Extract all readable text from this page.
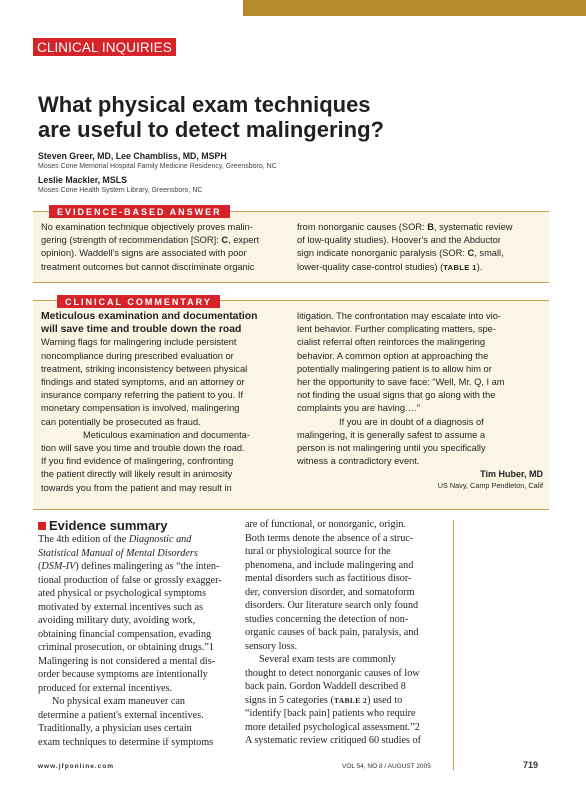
CLINICAL INQUIRIES
What physical exam techniques
are useful to detect malingering?
Steven Greer, MD, Lee Chambliss, MD, MSPH
Moses Cone Memorial Hospital Family Medicine Residency, Greensboro, NC
Leslie Mackler, MSLS
Moses Cone Health System Library, Greensboro, NC
EVIDENCE-BASED ANSWER

No examination technique objectively proves malin-

gering (strength of recommendation [SOR]: C, expert

opinion). Waddell's signs are associated with poor

treatment outcomes but cannot discriminate organic

from nonorganic causes (SOR: B, systematic review

of low-quality studies). Hoover's and the Abductor

sign indicate nonorganic paralysis (SOR: C, small,

lower-quality case-control studies) (TABLE 1).

CLINICAL COMMENTARY

Meticulous examination and documentation

will save time and trouble down the road

Warning flags for malingering include persistent

noncompliance during prescribed evaluation or

treatment, striking inconsistency between physical

findings and stated symptoms, and an attorney or

insurance company referring the patient to you. If

monetary compensation is involved, malingering

can potentially be prosecuted as fraud.

Meticulous examination and documenta-

tion will save you time and trouble down the road.

If you find evidence of malingering, confronting

the patient directly will likely result in animosity

towards you from the patient and may result in

litigation. The confrontation may escalate into vio-

lent behavior. Further complicating matters, spe-

cialist referral often reinforces the malingering

behavior. A common option at approaching the

potentially malingering patient is to allow him or

her the opportunity to save face: “Well, Mr. Q, I am

not finding the usual signs that go along with the

complaints you are having.…”

If you are in doubt of a diagnosis of

malingering, it is generally safest to assume a

person is not malingering until you specifically

witness a contradictory event.

Tim Huber, MD
US Navy, Camp Pendleton, Calif
Evidence summary

The 4th edition of the Diagnostic and

Statistical Manual of Mental Disorders

(DSM-IV) defines malingering as “the inten-

tional production of false or grossly exagger-

ated physical or psychological symptoms

motivated by external incentives such as

avoiding military duty, avoiding work,

obtaining financial compensation, evading

criminal prosecution, or obtaining drugs.”1

Malingering is not considered a mental dis-

order because symptoms are intentionally

produced for external incentives.

No physical exam maneuver can

determine a patient's external incentives.

Traditionally, a physician uses certain

exam techniques to determine if symptoms

are of functional, or nonorganic, origin.

Both terms denote the absence of a struc-

tural or physiological source for the

phenomena, and include malingering and

mental disorders such as factitious disor-

der, conversion disorder, and somatoform

disorders. Our literature search only found

studies concerning the detection of non-

organic causes of back pain, paralysis, and

sensory loss.

Several exam tests are commonly

thought to detect nonorganic causes of low

back pain. Gordon Waddell described 8

signs in 5 categories (TABLE 2) used to

“identify [back pain] patients who require

more detailed psychological assessment.”2

A systematic review critiqued 60 studies of

www.jfponline.com	VOL 54, NO 8 / AUGUST 2005	719
